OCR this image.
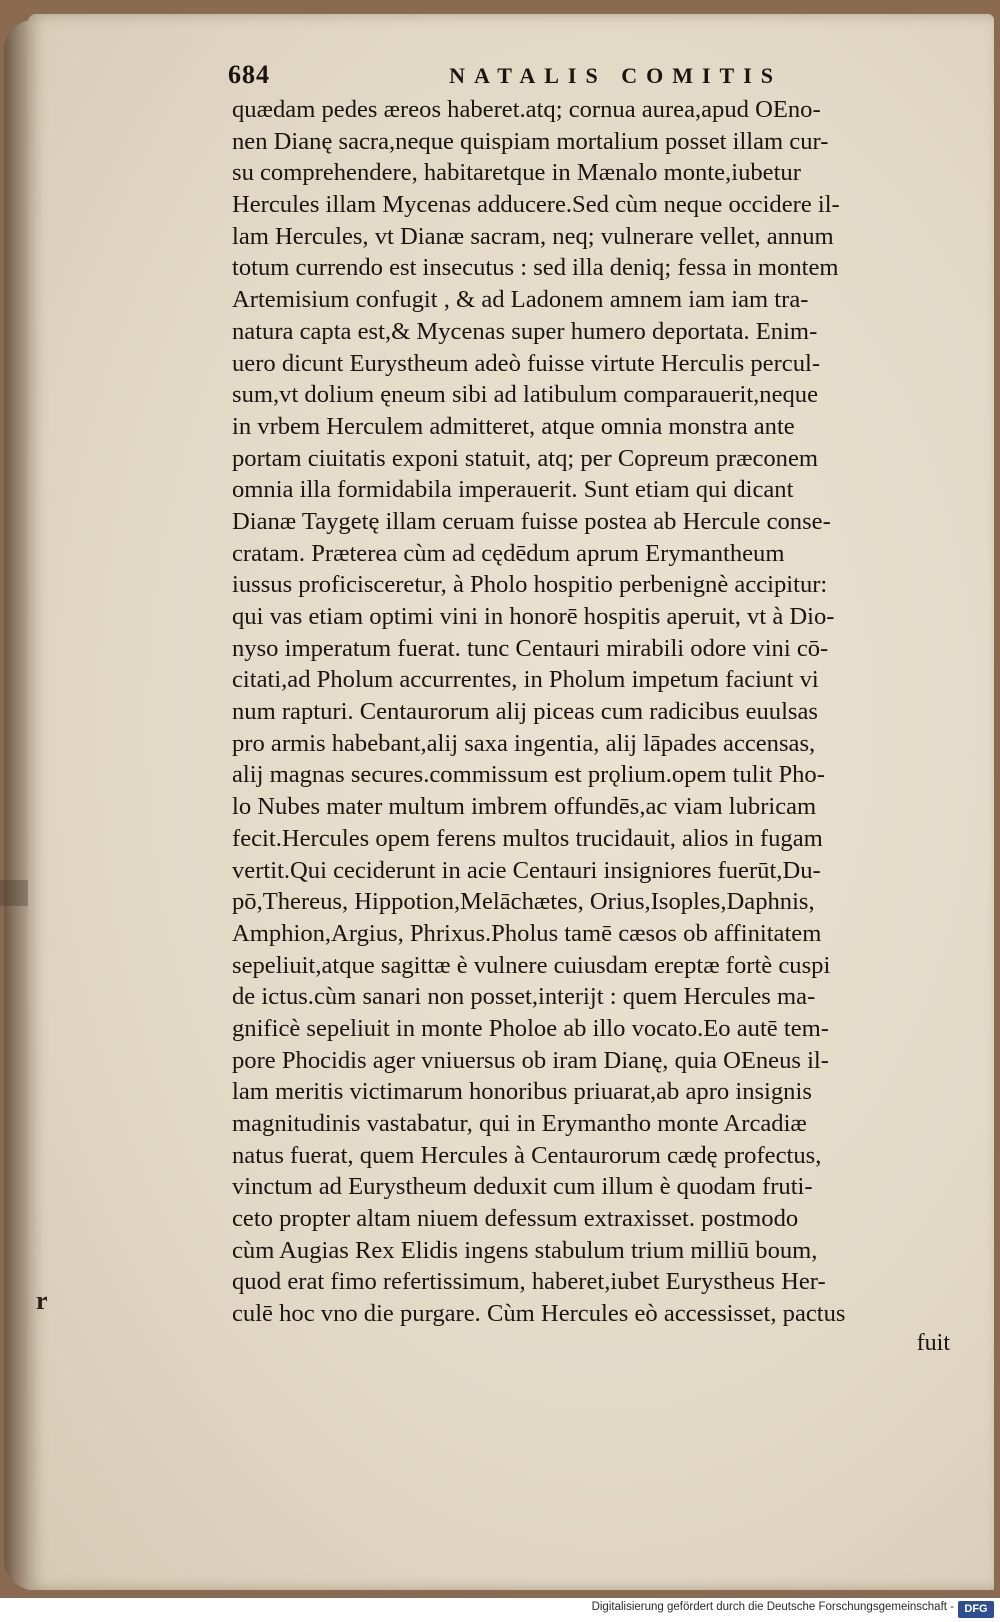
684	NATALIS COMITIS
quædam pedes æreos haberet.atq; cornua aurea,apud OEno-
nen Dianę sacra,neque quispiam mortalium posset illam cur-
su comprehendere, habitaretque in Mænalo monte,iubetur
Hercules illam Mycenas adducere.Sed cùm neque occidere il-
lam Hercules, vt Dianæ sacram, neq; vulnerare vellet, annum
totum currendo est insecutus : sed illa deniq; fessa in montem
Artemisium confugit , & ad Ladonem amnem iam iam tra-
natura capta est,& Mycenas super humero deportata. Enim-
uero dicunt Eurystheum adeò fuisse virtute Herculis percul-
sum,vt dolium ęneum sibi ad latibulum comparauerit,neque
in vrbem Herculem admitteret, atque omnia monstra ante
portam ciuitatis exponi statuit, atq; per Copreum præconem
omnia illa formidabila imperauerit. Sunt etiam qui dicant
Dianæ Taygetę illam ceruam fuisse postea ab Hercule conse-
cratam. Præterea cùm ad cędēdum aprum Erymantheum
iussus proficisceretur, à Pholo hospitio perbenignè accipitur:
qui vas etiam optimi vini in honorē hospitis aperuit, vt à Dio-
nyso imperatum fuerat. tunc Centauri mirabili odore vini cō-
citati,ad Pholum accurrentes, in Pholum impetum faciunt vi
num rapturi. Centaurorum alij piceas cum radicibus euulsas
pro armis habebant,alij saxa ingentia, alij lāpades accensas,
alij magnas secures.commissum est prǫlium.opem tulit Pho-
lo Nubes mater multum imbrem offundēs,ac viam lubricam
fecit.Hercules opem ferens multos trucidauit, alios in fugam
vertit.Qui ceciderunt in acie Centauri insigniores fuerūt,Du-
pō,Thereus, Hippotion,Melāchætes, Orius,Isoples,Daphnis,
Amphion,Argius, Phrixus.Pholus tamē cæsos ob affinitatem
sepeliuit,atque sagittæ è vulnere cuiusdam ereptæ fortè cuspi
de ictus.cùm sanari non posset,interijt : quem Hercules ma-
gnificè sepeliuit in monte Pholoe ab illo vocato.Eo autē tem-
pore Phocidis ager vniuersus ob iram Dianę, quia OEneus il-
lam meritis victimarum honoribus priuarat,ab apro insignis
magnitudinis vastabatur, qui in Erymantho monte Arcadiæ
natus fuerat, quem Hercules à Centaurorum cædę profectus,
vinctum ad Eurystheum deduxit cum illum è quodam fruti-
ceto propter altam niuem defessum extraxisset. postmodo
cùm Augias Rex Elidis ingens stabulum trium milliū boum,
quod erat fimo refertissimum, haberet,iubet Eurystheus Her-
culē hoc vno die purgare. Cùm Hercules eò accessisset, pactus
fuit
r
Digitalisierung gefördert durch die Deutsche Forschungsgemeinschaft - DFG
